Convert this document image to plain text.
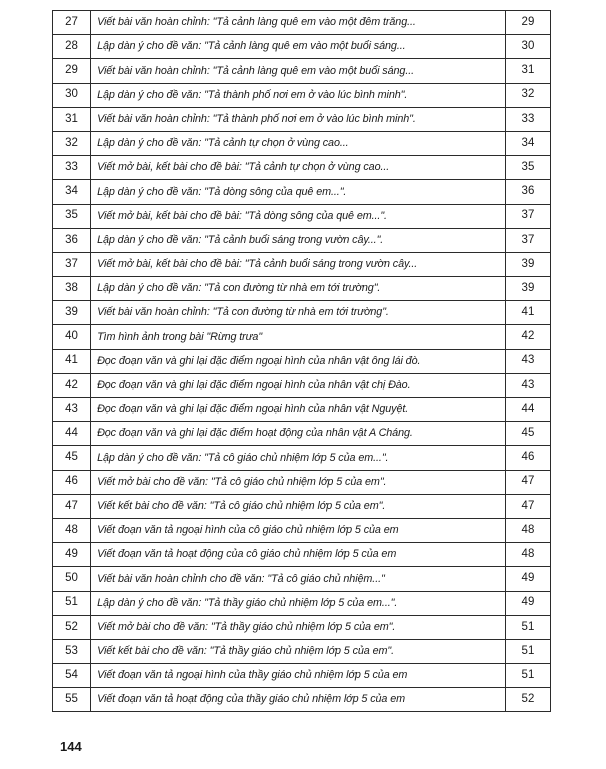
27	Viết bài văn hoàn chỉnh: "Tả cảnh làng quê em vào một đêm trăng...	29
28	Lập dàn ý cho đề văn: "Tả cảnh làng quê em vào một buổi sáng...	30
29	Viết bài văn hoàn chỉnh: "Tả cảnh làng quê em vào một buổi sáng...	31
30	Lập dàn ý cho đề văn: "Tả thành phố nơi em ở vào lúc bình minh".	32
31	Viết bài văn hoàn chỉnh: "Tả thành phố nơi em ở vào lúc bình minh".	33
32	Lập dàn ý cho đề văn: "Tả cảnh tự chọn ở vùng cao...	34
33	Viết mở bài, kết bài cho đề bài: "Tả cảnh tự chọn ở vùng cao...	35
34	Lập dàn ý cho đề văn: "Tả dòng sông của quê em...".	36
35	Viết mở bài, kết bài cho đề bài: "Tả dòng sông của quê em...".	37
36	Lập dàn ý cho đề văn: "Tả cảnh buổi sáng trong vườn cây...".	37
37	Viết mở bài, kết bài cho đề bài: "Tả cảnh buổi sáng trong vườn cây...	39
38	Lập dàn ý cho đề văn: "Tả con đường từ nhà em tới trường".	39
39	Viết bài văn hoàn chỉnh: "Tả con đường từ nhà em tới trường".	41
40	Tìm hình ảnh trong bài "Rừng trưa"	42
41	Đọc đoạn văn và ghi lại đặc điểm ngoại hình của nhân vật ông lái đò.	43
42	Đọc đoạn văn và ghi lại đặc điểm ngoại hình của nhân vật chị Đào.	43
43	Đọc đoạn văn và ghi lại đặc điểm ngoại hình của nhân vật Nguyệt.	44
44	Đọc đoạn văn và ghi lại đặc điểm hoạt động của nhân vật A Cháng.	45
45	Lập dàn ý cho đề văn: "Tả cô giáo chủ nhiệm lớp 5 của em...".	46
46	Viết mở bài cho đề văn: "Tả cô giáo chủ nhiệm lớp 5 của em".	47
47	Viết kết bài cho đề văn: "Tả cô giáo chủ nhiệm lớp 5 của em".	47
48	Viết đoạn văn tả ngoại hình của cô giáo chủ nhiệm lớp 5 của em	48
49	Viết đoạn văn tả hoạt động của cô giáo chủ nhiệm lớp 5 của em	48
50	Viết bài văn hoàn chỉnh cho đề văn: "Tả cô giáo chủ nhiệm..."	49
51	Lập dàn ý cho đề văn: "Tả thầy giáo chủ nhiệm lớp 5 của em...".	49
52	Viết mở bài cho đề văn: "Tả thầy giáo chủ nhiệm lớp 5 của em".	51
53	Viết kết bài cho đề văn: "Tả thầy giáo chủ nhiệm lớp 5 của em".	51
54	Viết đoạn văn tả ngoại hình của thầy giáo chủ nhiệm lớp 5 của em	51
55	Viết đoạn văn tả hoạt động của thầy giáo chủ nhiệm lớp 5 của em	52
144
